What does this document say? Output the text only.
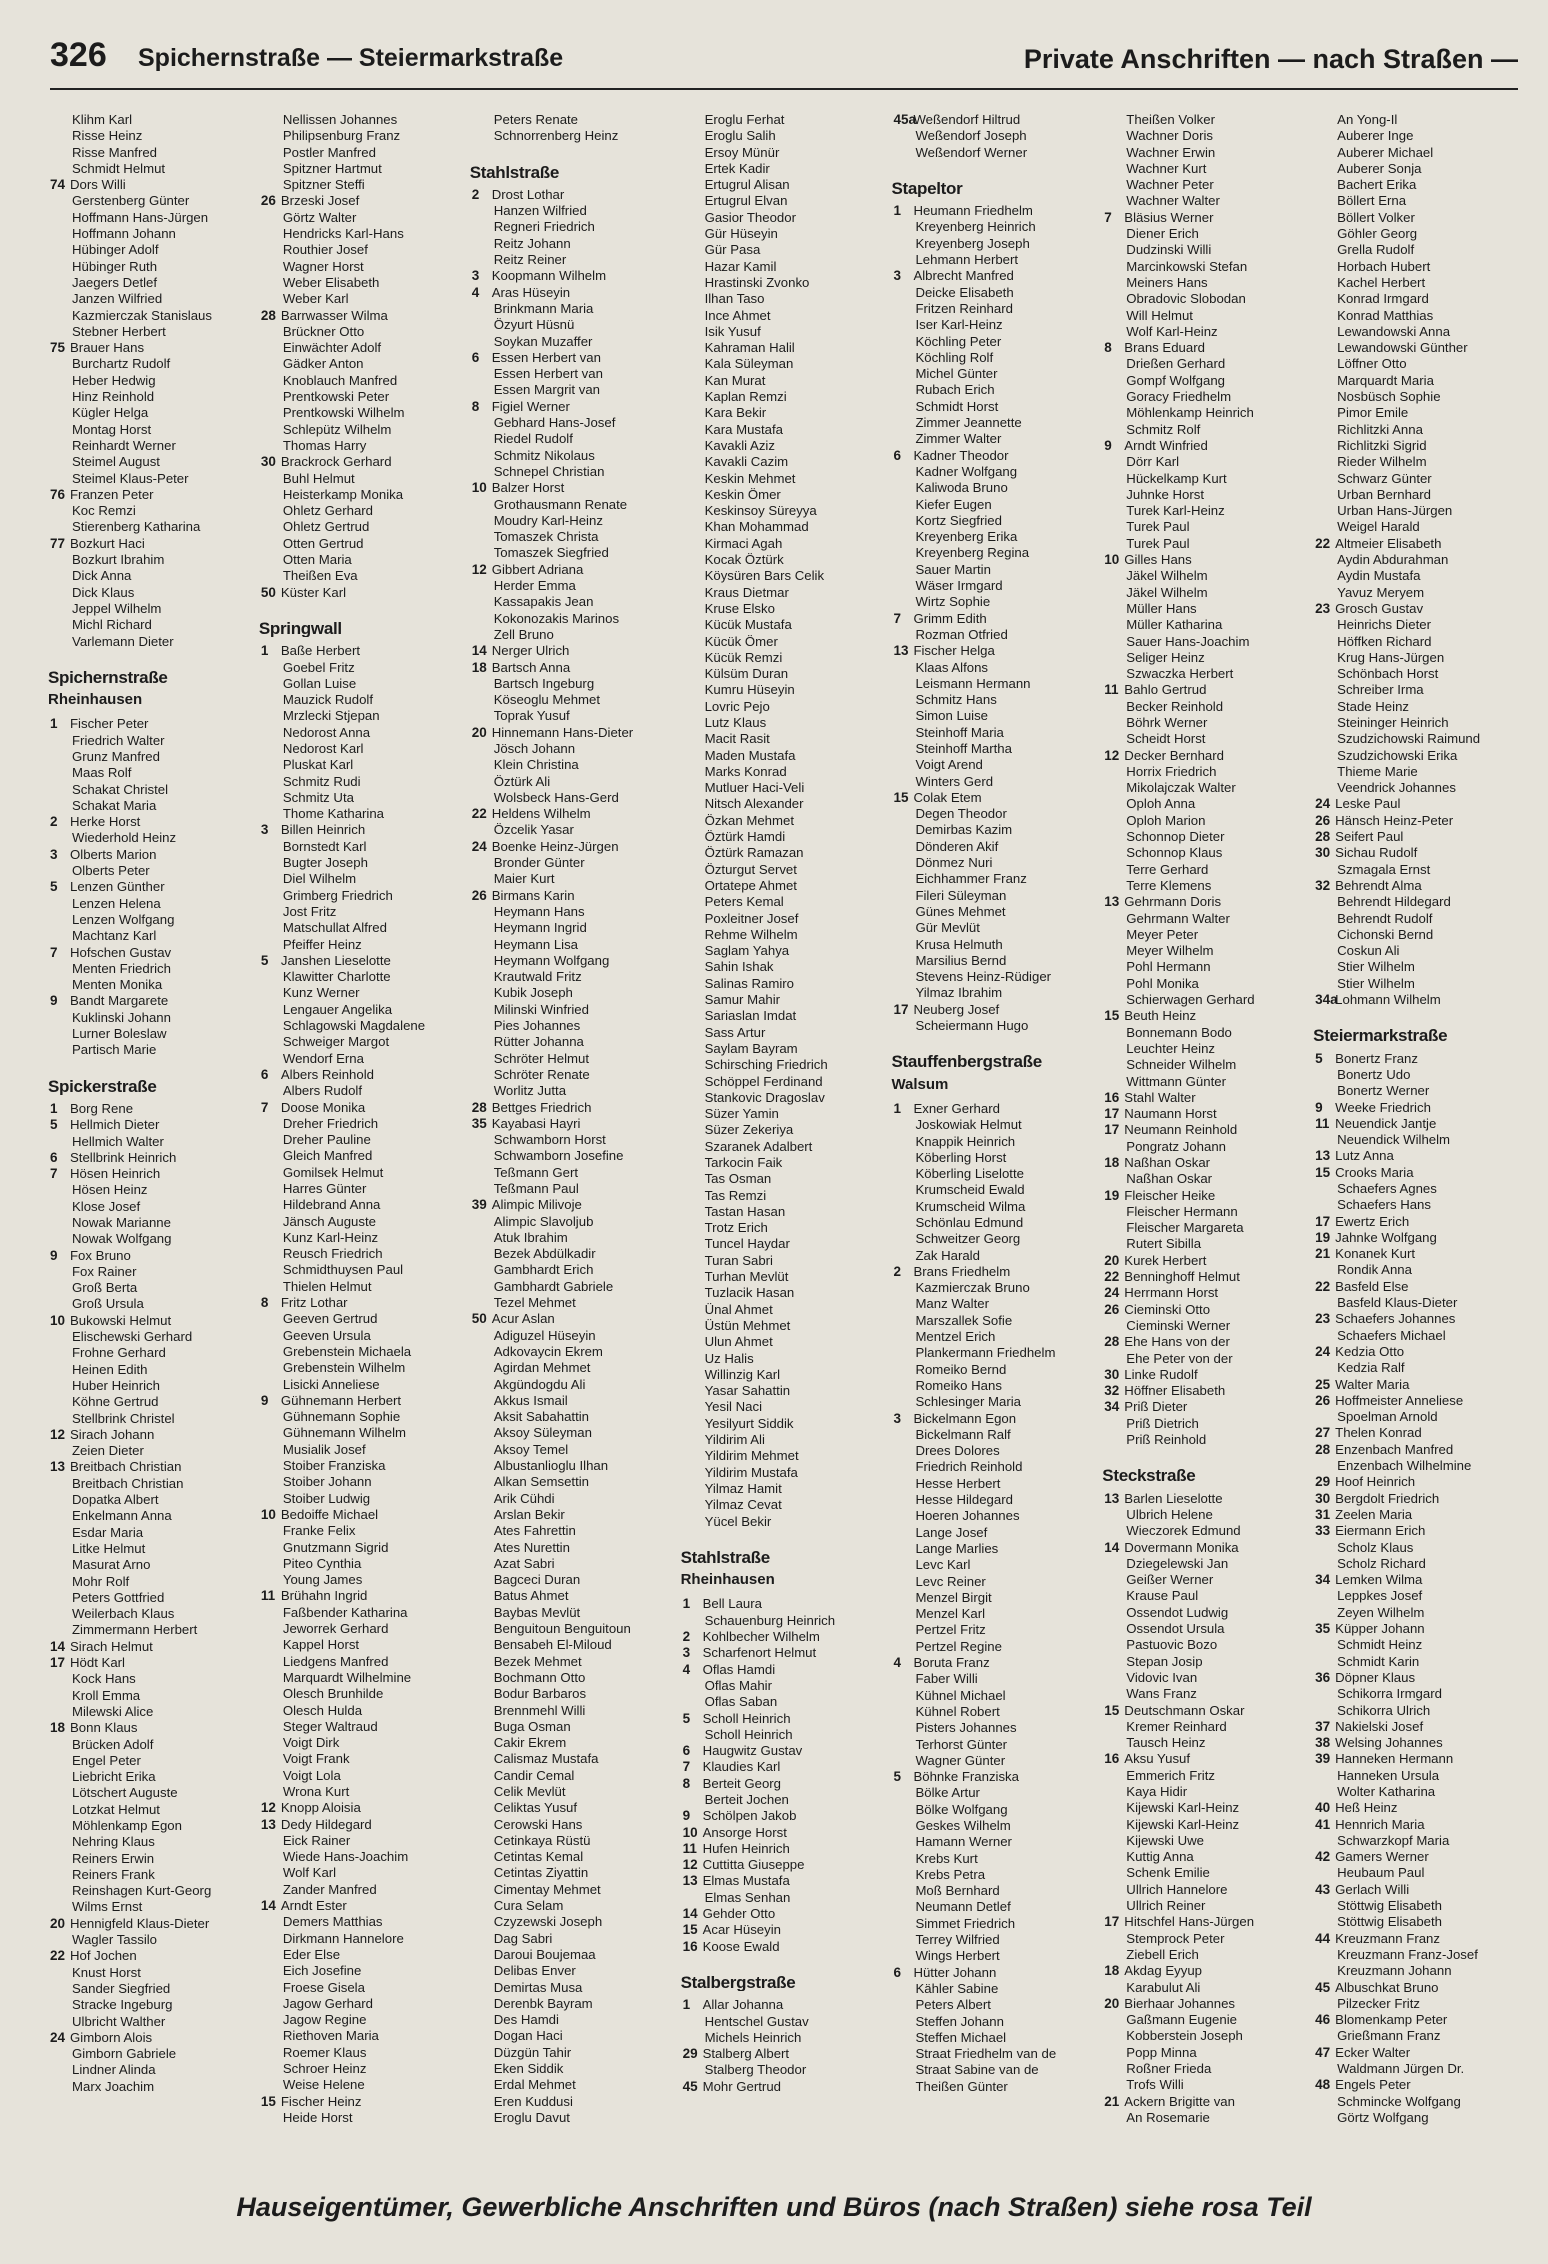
326 Spichernstraße — Steiermarkstraße	Private Anschriften — nach Straßen —
Klihm Karl
Risse Heinz
Risse Manfred
Schmidt Helmut
74 Dors Willi
Gerstenberg Günter
Hoffmann Hans-Jürgen
Hoffmann Johann
Hübinger Adolf
Hübinger Ruth
Jaegers Detlef
Janzen Wilfried
Kazmierczak Stanislaus
Stebner Herbert
75 Brauer Hans
Burchartz Rudolf
Heber Hedwig
Hinz Reinhold
Kügler Helga
Montag Horst
Reinhardt Werner
Steimel August
Steimel Klaus-Peter
76 Franzen Peter
Koc Remzi
Stierenberg Katharina
77 Bozkurt Haci
Bozkurt Ibrahim
Dick Anna
Dick Klaus
Jeppel Wilhelm
Michl Richard
Varlemann Dieter
Spichernstraße
Rheinhausen
1 Fischer Peter
Friedrich Walter
Grunz Manfred
Maas Rolf
Schakat Christel
Schakat Maria
2 Herke Horst
Wiederhold Heinz
3 Olberts Marion
Olberts Peter
5 Lenzen Günther
Lenzen Helena
Lenzen Wolfgang
Machtanz Karl
7 Hofschen Gustav
Menten Friedrich
Menten Monika
9 Bandt Margarete
Kuklinski Johann
Lurner Boleslaw
Partisch Marie
Spickerstraße
1 Borg Rene
5 Hellmich Dieter
Hellmich Walter
6 Stellbrink Heinrich
7 Hösen Heinrich
Hösen Heinz
Klose Josef
Nowak Marianne
Nowak Wolfgang
9 Fox Bruno
Fox Rainer
Groß Berta
Groß Ursula
10 Bukowski Helmut
Elischewski Gerhard
Frohne Gerhard
Heinen Edith
Huber Heinrich
Köhne Gertrud
Stellbrink Christel
12 Sirach Johann
Zeien Dieter
13 Breitbach Christian
Breitbach Christian
Dopatka Albert
Enkelmann Anna
Esdar Maria
Litke Helmut
Masurat Arno
Mohr Rolf
Peters Gottfried
Weilerbach Klaus
Zimmermann Herbert
14 Sirach Helmut
17 Hödt Karl
Kock Hans
Kroll Emma
Milewski Alice
18 Bonn Klaus
Brücken Adolf
Engel Peter
Liebricht Erika
Lötschert Auguste
Lotzkat Helmut
Möhlenkamp Egon
Nehring Klaus
Reiners Erwin
Reiners Frank
Reinshagen Kurt-Georg
Wilms Ernst
20 Hennigfeld Klaus-Dieter
Wagler Tassilo
22 Hof Jochen
Knust Horst
Sander Siegfried
Stracke Ingeburg
Ulbricht Walther
24 Gimborn Alois
Gimborn Gabriele
Lindner Alinda
Marx Joachim
Nellissen Johannes
Philipsenburg Franz
Postler Manfred
Spitzner Hartmut
Spitzner Steffi
26 Brzeski Josef
Görtz Walter
Hendricks Karl-Hans
Routhier Josef
Wagner Horst
Weber Elisabeth
Weber Karl
28 Barrwasser Wilma
Brückner Otto
Einwächter Adolf
Gädker Anton
Knoblauch Manfred
Prentkowski Peter
Prentkowski Wilhelm
Schlepütz Wilhelm
Thomas Harry
30 Brackrock Gerhard
Buhl Helmut
Heisterkamp Monika
Ohletz Gerhard
Ohletz Gertrud
Otten Gertrud
Otten Maria
Theißen Eva
50 Küster Karl
Springwall
1 Baße Herbert
Goebel Fritz
Gollan Luise
Mauzick Rudolf
Mrzlecki Stjepan
Nedorost Anna
Nedorost Karl
Pluskat Karl
Schmitz Rudi
Schmitz Uta
Thome Katharina
3 Billen Heinrich
Bornstedt Karl
Bugter Joseph
Diel Wilhelm
Grimberg Friedrich
Jost Fritz
Matschullat Alfred
Pfeiffer Heinz
5 Janshen Lieselotte
Klawitter Charlotte
Kunz Werner
Lengauer Angelika
Schlagowski Magdalene
Schweiger Margot
Wendorf Erna
6 Albers Reinhold
Albers Rudolf
7 Doose Monika
Dreher Friedrich
Dreher Pauline
Gleich Manfred
Gomilsek Helmut
Harres Günter
Hildebrand Anna
Jänsch Auguste
Kunz Karl-Heinz
Reusch Friedrich
Schmidthuysen Paul
Thielen Helmut
8 Fritz Lothar
Geeven Gertrud
Geeven Ursula
Grebenstein Michaela
Grebenstein Wilhelm
Lisicki Anneliese
9 Gühnemann Herbert
Gühnemann Sophie
Gühnemann Wilhelm
Musialik Josef
Stoiber Franziska
Stoiber Johann
Stoiber Ludwig
10 Bedoiffe Michael
Franke Felix
Gnutzmann Sigrid
Piteo Cynthia
Young James
11 Brühahn Ingrid
Faßbender Katharina
Jeworrek Gerhard
Kappel Horst
Liedgens Manfred
Marquardt Wilhelmine
Olesch Brunhilde
Olesch Hulda
Steger Waltraud
Voigt Dirk
Voigt Frank
Voigt Lola
Wrona Kurt
12 Knopp Aloisia
13 Dedy Hildegard
Eick Rainer
Wiede Hans-Joachim
Wolf Karl
Zander Manfred
14 Arndt Ester
Demers Matthias
Dirkmann Hannelore
Eder Else
Eich Josefine
Froese Gisela
Jagow Gerhard
Jagow Regine
Riethoven Maria
Roemer Klaus
Schroer Heinz
Weise Helene
15 Fischer Heinz
Heide Horst
Peters Renate
Schnorrenberg Heinz
Stahlstraße
2 Drost Lothar
Hanzen Wilfried
Regneri Friedrich
Reitz Johann
Reitz Reiner
3 Koopmann Wilhelm
4 Aras Hüseyin
Brinkmann Maria
Özyurt Hüsnü
Soykan Muzaffer
6 Essen Herbert van
Essen Herbert van
Essen Margrit van
8 Figiel Werner
Gebhard Hans-Josef
Riedel Rudolf
Schmitz Nikolaus
Schnepel Christian
10 Balzer Horst
Grothausmann Renate
Moudry Karl-Heinz
Tomaszek Christa
Tomaszek Siegfried
12 Gibbert Adriana
Herder Emma
Kassapakis Jean
Kokonozakis Marinos
Zell Bruno
14 Nerger Ulrich
18 Bartsch Anna
Bartsch Ingeburg
Köseoglu Mehmet
Toprak Yusuf
20 Hinnemann Hans-Dieter
Jösch Johann
Klein Christina
Öztürk Ali
Wolsbeck Hans-Gerd
22 Heldens Wilhelm
Özcelik Yasar
24 Boenke Heinz-Jürgen
Bronder Günter
Maier Kurt
26 Birmans Karin
Heymann Hans
Heymann Ingrid
Heymann Lisa
Heymann Wolfgang
Krautwald Fritz
Kubik Joseph
Milinski Winfried
Pies Johannes
Rütter Johanna
Schröter Helmut
Schröter Renate
Worlitz Jutta
28 Bettges Friedrich
35 Kayabasi Hayri
Schwamborn Horst
Schwamborn Josefine
Teßmann Gert
Teßmann Paul
39 Alimpic Milivoje
Alimpic Slavoljub
Atuk Ibrahim
Bezek Abdülkadir
Gambhardt Erich
Gambhardt Gabriele
Tezel Mehmet
50 Acur Aslan
Adiguzel Hüseyin
Adkovaycin Ekrem
Agirdan Mehmet
Akgündogdu Ali
Akkus Ismail
Aksit Sabahattin
Aksoy Süleyman
Aksoy Temel
Albustanlioglu Ilhan
Alkan Semsettin
Arik Cühdi
Arslan Bekir
Ates Fahrettin
Ates Nurettin
Azat Sabri
Bagceci Duran
Batus Ahmet
Baybas Mevlüt
Benguitoun Benguitoun
Bensabeh El-Miloud
Bezek Mehmet
Bochmann Otto
Bodur Barbaros
Brennmehl Willi
Buga Osman
Cakir Ekrem
Calismaz Mustafa
Candir Cemal
Celik Mevlüt
Celiktas Yusuf
Cerowski Hans
Cetinkaya Rüstü
Cetintas Kemal
Cetintas Ziyattin
Cimentay Mehmet
Cura Selam
Czyzewski Joseph
Dag Sabri
Daroui Boujemaa
Delibas Enver
Demirtas Musa
Derenbk Bayram
Des Hamdi
Dogan Haci
Düzgün Tahir
Eken Siddik
Erdal Mehmet
Eren Kuddusi
Eroglu Davut
Eroglu Ferhat
Eroglu Salih
Ersoy Münür
Ertek Kadir
Ertugrul Alisan
Ertugrul Elvan
Gasior Theodor
Gür Hüseyin
Gür Pasa
Hazar Kamil
Hrastinski Zvonko
Ilhan Taso
Ince Ahmet
Isik Yusuf
Kahraman Halil
Kala Süleyman
Kan Murat
Kaplan Remzi
Kara Bekir
Kara Mustafa
Kavakli Aziz
Kavakli Cazim
Keskin Mehmet
Keskin Ömer
Keskinsoy Süreyya
Khan Mohammad
Kirmaci Agah
Kocak Öztürk
Köysüren Bars Celik
Kraus Dietmar
Kruse Elsko
Kücük Mustafa
Kücük Ömer
Kücük Remzi
Külsüm Duran
Kumru Hüseyin
Lovric Pejo
Lutz Klaus
Macit Rasit
Maden Mustafa
Marks Konrad
Mutluer Haci-Veli
Nitsch Alexander
Özkan Mehmet
Öztürk Hamdi
Öztürk Ramazan
Özturgut Servet
Ortatepe Ahmet
Peters Kemal
Poxleitner Josef
Rehme Wilhelm
Saglam Yahya
Sahin Ishak
Salinas Ramiro
Samur Mahir
Sariaslan Imdat
Sass Artur
Saylam Bayram
Schirsching Friedrich
Schöppel Ferdinand
Stankovic Dragoslav
Süzer Yamin
Süzer Zekeriya
Szaranek Adalbert
Tarkocin Faik
Tas Osman
Tas Remzi
Tastan Hasan
Trotz Erich
Tuncel Haydar
Turan Sabri
Turhan Mevlüt
Tuzlacik Hasan
Ünal Ahmet
Üstün Mehmet
Ulun Ahmet
Uz Halis
Willinzig Karl
Yasar Sahattin
Yesil Naci
Yesilyurt Siddik
Yildirim Ali
Yildirim Mehmet
Yildirim Mustafa
Yilmaz Hamit
Yilmaz Cevat
Yücel Bekir
Stahlstraße
Rheinhausen
1 Bell Laura
Schauenburg Heinrich
2 Kohlbecher Wilhelm
3 Scharfenort Helmut
4 Oflas Hamdi
Oflas Mahir
Oflas Saban
5 Scholl Heinrich
Scholl Heinrich
6 Haugwitz Gustav
7 Klaudies Karl
8 Berteit Georg
Berteit Jochen
9 Schölpen Jakob
10 Ansorge Horst
11 Hufen Heinrich
12 Cuttitta Giuseppe
13 Elmas Mustafa
Elmas Senhan
14 Gehder Otto
15 Acar Hüseyin
16 Koose Ewald
Stalbergstraße
1 Allar Johanna
Hentschel Gustav
Michels Heinrich
29 Stalberg Albert
Stalberg Theodor
45 Mohr Gertrud
45aWeßendorf Hiltrud
Weßendorf Joseph
Weßendorf Werner
Stapeltor
1 Heumann Friedhelm
Kreyenberg Heinrich
Kreyenberg Joseph
Lehmann Herbert
3 Albrecht Manfred
Deicke Elisabeth
Fritzen Reinhard
Iser Karl-Heinz
Köchling Peter
Köchling Rolf
Michel Günter
Rubach Erich
Schmidt Horst
Zimmer Jeannette
Zimmer Walter
6 Kadner Theodor
Kadner Wolfgang
Kaliwoda Bruno
Kiefer Eugen
Kortz Siegfried
Kreyenberg Erika
Kreyenberg Regina
Sauer Martin
Wäser Irmgard
Wirtz Sophie
7 Grimm Edith
Rozman Otfried
13 Fischer Helga
Klaas Alfons
Leismann Hermann
Schmitz Hans
Simon Luise
Steinhoff Maria
Steinhoff Martha
Voigt Arend
Winters Gerd
15 Colak Etem
Degen Theodor
Demirbas Kazim
Dönderen Akif
Dönmez Nuri
Eichhammer Franz
Fileri Süleyman
Günes Mehmet
Gür Mevlüt
Krusa Helmuth
Marsilius Bernd
Stevens Heinz-Rüdiger
Yilmaz Ibrahim
17 Neuberg Josef
Scheiermann Hugo
Stauffenbergstraße
Walsum
1 Exner Gerhard
Joskowiak Helmut
Knappik Heinrich
Köberling Horst
Köberling Liselotte
Krumscheid Ewald
Krumscheid Wilma
Schönlau Edmund
Schweitzer Georg
Zak Harald
2 Brans Friedhelm
Kazmierczak Bruno
Manz Walter
Marszallek Sofie
Mentzel Erich
Plankermann Friedhelm
Romeiko Bernd
Romeiko Hans
Schlesinger Maria
3 Bickelmann Egon
Bickelmann Ralf
Drees Dolores
Friedrich Reinhold
Hesse Herbert
Hesse Hildegard
Hoeren Johannes
Lange Josef
Lange Marlies
Levc Karl
Levc Reiner
Menzel Birgit
Menzel Karl
Pertzel Fritz
Pertzel Regine
4 Boruta Franz
Faber Willi
Kühnel Michael
Kühnel Robert
Pisters Johannes
Terhorst Günter
Wagner Günter
5 Böhnke Franziska
Bölke Artur
Bölke Wolfgang
Geskes Wilhelm
Hamann Werner
Krebs Kurt
Krebs Petra
Moß Bernhard
Neumann Detlef
Simmet Friedrich
Terrey Wilfried
Wings Herbert
6 Hütter Johann
Kähler Sabine
Peters Albert
Steffen Johann
Steffen Michael
Straat Friedhelm van de
Straat Sabine van de
Theißen Günter
Theißen Volker
Wachner Doris
Wachner Erwin
Wachner Kurt
Wachner Peter
Wachner Walter
7 Bläsius Werner
Diener Erich
Dudzinski Willi
Marcinkowski Stefan
Meiners Hans
Obradovic Slobodan
Will Helmut
Wolf Karl-Heinz
8 Brans Eduard
Drießen Gerhard
Gompf Wolfgang
Goracy Friedhelm
Möhlenkamp Heinrich
Schmitz Rolf
9 Arndt Winfried
Dörr Karl
Hückelkamp Kurt
Juhnke Horst
Turek Karl-Heinz
Turek Paul
Turek Paul
10 Gilles Hans
Jäkel Wilhelm
Jäkel Wilhelm
Müller Hans
Müller Katharina
Sauer Hans-Joachim
Seliger Heinz
Szwaczka Herbert
11 Bahlo Gertrud
Becker Reinhold
Böhrk Werner
Scheidt Horst
12 Decker Bernhard
Horrix Friedrich
Mikolajczak Walter
Oploh Anna
Oploh Marion
Schonnop Dieter
Schonnop Klaus
Terre Gerhard
Terre Klemens
13 Gehrmann Doris
Gehrmann Walter
Meyer Peter
Meyer Wilhelm
Pohl Hermann
Pohl Monika
Schierwagen Gerhard
15 Beuth Heinz
Bonnemann Bodo
Leuchter Heinz
Schneider Wilhelm
Wittmann Günter
16 Stahl Walter
17 Naumann Horst
17 Neumann Reinhold
Pongratz Johann
18 Naßhan Oskar
Naßhan Oskar
19 Fleischer Heike
Fleischer Hermann
Fleischer Margareta
Rutert Sibilla
20 Kurek Herbert
22 Benninghoff Helmut
24 Herrmann Horst
26 Cieminski Otto
Cieminski Werner
28 Ehe Hans von der
Ehe Peter von der
30 Linke Rudolf
32 Höffner Elisabeth
34 Priß Dieter
Priß Dietrich
Priß Reinhold
Steckstraße
13 Barlen Lieselotte
Ulbrich Helene
Wieczorek Edmund
14 Dovermann Monika
Dziegelewski Jan
Geißer Werner
Krause Paul
Ossendot Ludwig
Ossendot Ursula
Pastuovic Bozo
Stepan Josip
Vidovic Ivan
Wans Franz
15 Deutschmann Oskar
Kremer Reinhard
Tausch Heinz
16 Aksu Yusuf
Emmerich Fritz
Kaya Hidir
Kijewski Karl-Heinz
Kijewski Karl-Heinz
Kijewski Uwe
Kuttig Anna
Schenk Emilie
Ullrich Hannelore
Ullrich Reiner
17 Hitschfel Hans-Jürgen
Stemprock Peter
Ziebell Erich
18 Akdag Eyyup
Karabulut Ali
20 Bierhaar Johannes
Gaßmann Eugenie
Kobberstein Joseph
Popp Minna
Roßner Frieda
Trofs Willi
21 Ackern Brigitte van
An Rosemarie
An Yong-Il
Auberer Inge
Auberer Michael
Auberer Sonja
Bachert Erika
Böllert Erna
Böllert Volker
Göhler Georg
Grella Rudolf
Horbach Hubert
Kachel Herbert
Konrad Irmgard
Konrad Matthias
Lewandowski Anna
Lewandowski Günther
Löffner Otto
Marquardt Maria
Nosbüsch Sophie
Pimor Emile
Richlitzki Anna
Richlitzki Sigrid
Rieder Wilhelm
Schwarz Günter
Urban Bernhard
Urban Hans-Jürgen
Weigel Harald
22 Altmeier Elisabeth
Aydin Abdurahman
Aydin Mustafa
Yavuz Meryem
23 Grosch Gustav
Heinrichs Dieter
Höffken Richard
Krug Hans-Jürgen
Schönbach Horst
Schreiber Irma
Stade Heinz
Steininger Heinrich
Szudzichowski Raimund
Szudzichowski Erika
Thieme Marie
Veendrick Johannes
24 Leske Paul
26 Hänsch Heinz-Peter
28 Seifert Paul
30 Sichau Rudolf
Szmagala Ernst
32 Behrendt Alma
Behrendt Hildegard
Behrendt Rudolf
Cichonski Bernd
Coskun Ali
Stier Wilhelm
Stier Wilhelm
34aLohmann Wilhelm
Steiermarkstraße
5 Bonertz Franz
Bonertz Udo
Bonertz Werner
9 Weeke Friedrich
11 Neuendick Jantje
Neuendick Wilhelm
13 Lutz Anna
15 Crooks Maria
Schaefers Agnes
Schaefers Hans
17 Ewertz Erich
19 Jahnke Wolfgang
21 Konanek Kurt
Rondik Anna
22 Basfeld Else
Basfeld Klaus-Dieter
23 Schaefers Johannes
Schaefers Michael
24 Kedzia Otto
Kedzia Ralf
25 Walter Maria
26 Hoffmeister Anneliese
Spoelman Arnold
27 Thelen Konrad
28 Enzenbach Manfred
Enzenbach Wilhelmine
29 Hoof Heinrich
30 Bergdolt Friedrich
31 Zeelen Maria
33 Eiermann Erich
Scholz Klaus
Scholz Richard
34 Lemken Wilma
Leppkes Josef
Zeyen Wilhelm
35 Küpper Johann
Schmidt Heinz
Schmidt Karin
36 Döpner Klaus
Schikorra Irmgard
Schikorra Ulrich
37 Nakielski Josef
38 Welsing Johannes
39 Hanneken Hermann
Hanneken Ursula
Wolter Katharina
40 Heß Heinz
41 Hennrich Maria
Schwarzkopf Maria
42 Gamers Werner
Heubaum Paul
43 Gerlach Willi
Stöttwig Elisabeth
Stöttwig Elisabeth
44 Kreuzmann Franz
Kreuzmann Franz-Josef
Kreuzmann Johann
45 Albuschkat Bruno
Pilzecker Fritz
46 Blomenkamp Peter
Grießmann Franz
47 Ecker Walter
Waldmann Jürgen Dr.
48 Engels Peter
Schmincke Wolfgang
Görtz Wolfgang
Hauseigentümer, Gewerbliche Anschriften und Büros (nach Straßen) siehe rosa Teil
